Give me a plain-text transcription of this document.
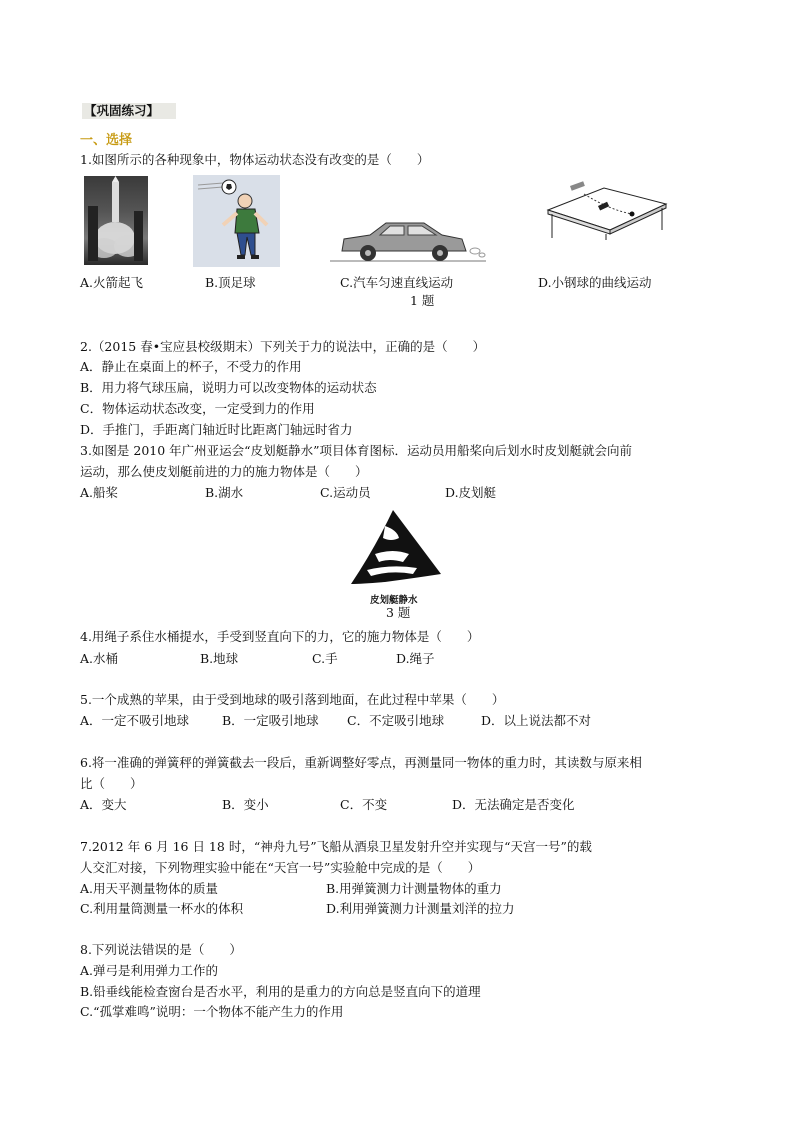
【巩固练习】
一、选择
1.如图所示的各种现象中，物体运动状态没有改变的是（　　）
A.火箭起飞	B.顶足球	C.汽车匀速直线运动	D.小钢球的曲线运动
1 题
2.（2015 春•宝应县校级期末）下列关于力的说法中，正确的是（　　）
A．静止在桌面上的杯子，不受力的作用
B．用力将气球压扁，说明力可以改变物体的运动状态
C．物体运动状态改变，一定受到力的作用
D．手推门，手距离门轴近时比距离门轴远时省力
3.如图是 2010 年广州亚运会“皮划艇静水”项目体育图标．运动员用船桨向后划水时皮划艇就会向前
运动，那么使皮划艇前进的力的施力物体是（　　）
A.船桨	B.湖水	C.运动员	D.皮划艇
皮划艇静水
3 题
4.用绳子系住水桶提水，手受到竖直向下的力，它的施力物体是（　　）
A.水桶	B.地球	C.手	D.绳子
5.一个成熟的苹果，由于受到地球的吸引落到地面，在此过程中苹果（　　）
A．一定不吸引地球	B．一定吸引地球 C．不定吸引地球	D．以上说法都不对
6.将一准确的弹簧秤的弹簧截去一段后，重新调整好零点，再测量同一物体的重力时，其读数与原来相
比（　　）
A．变大	B．变小	C．不变	D．无法确定是否变化
7.2012 年 6 月 16 日 18 时，“神舟九号”飞船从酒泉卫星发射升空并实现与“天宫一号”的载
人交汇对接，下列物理实验中能在“天宫一号”实验舱中完成的是（　　）
A.用天平测量物体的质量	B.用弹簧测力计测量物体的重力
C.利用量筒测量一杯水的体积	D.利用弹簧测力计测量刘洋的拉力
8.下列说法错误的是（　　）
A.弹弓是利用弹力工作的
B.铅垂线能检查窗台是否水平，利用的是重力的方向总是竖直向下的道理
C.“孤掌难鸣”说明：一个物体不能产生力的作用
